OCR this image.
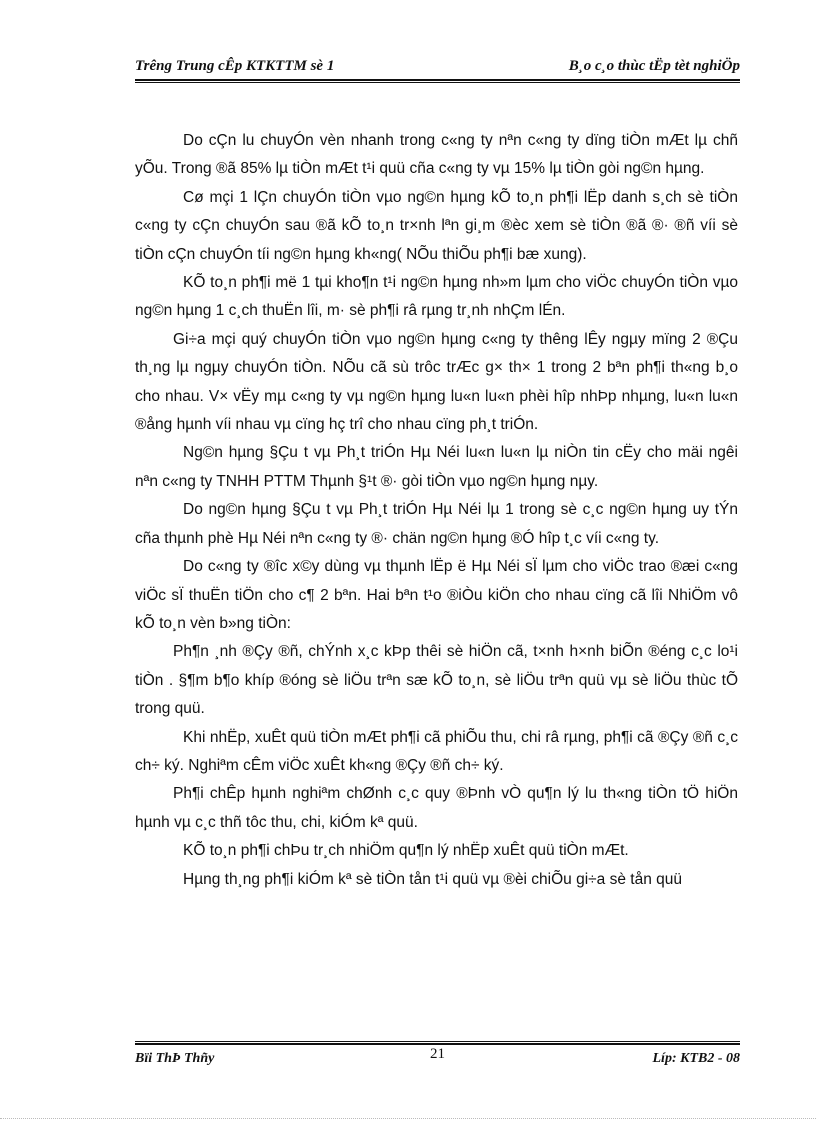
Trêng Trung cÊp KTKTTM sè 1	B¸o c¸o thùc tËp tèt nghiÖp

Do cÇn lu chuyÓn vèn nhanh trong c«ng ty nªn c«ng ty dïng tiÒn mÆt lµ chñ yÕu. Trong ®ã 85% lµ tiÒn mÆt t¹i quü cña c«ng ty vµ 15% lµ tiÒn gòi ng©n hµng.

Cø mçi 1 lÇn chuyÓn tiÒn vµo ng©n hµng kÕ to¸n ph¶i lËp danh s¸ch sè tiÒn c«ng ty cÇn chuyÓn sau ®ã kÕ to¸n tr×nh lªn gi¸m ®èc xem sè tiÒn ®ã ®· ®ñ víi sè tiÒn cÇn chuyÓn tíi ng©n hµng kh«ng( NÕu thiÕu ph¶i bæ xung).

KÕ to¸n ph¶i më 1 tµi kho¶n t¹i ng©n hµng nh»m lµm cho viÖc chuyÓn tiÒn vµo ng©n hµng 1 c¸ch thuËn lîi, m· sè ph¶i râ rµng tr¸nh nhÇm lÉn.

Gi÷a mçi quý chuyÓn tiÒn vµo ng©n hµng c«ng ty thêng lÊy ngµy mïng 2 ®Çu th¸ng lµ ngµy chuyÓn tiÒn. NÕu cã sù trôc trÆc g× th× 1 trong 2 bªn ph¶i th«ng b¸o cho nhau. V× vËy mµ c«ng ty vµ ng©n hµng lu«n lu«n phèi hîp nhÞp nhµng, lu«n lu«n ®ång hµnh víi nhau vµ cïng hç trî cho nhau cïng ph¸t triÓn.

Ng©n hµng §Çu t vµ Ph¸t triÓn Hµ Néi lu«n lu«n lµ niÒn tin cËy cho mäi ngêi nªn c«ng ty TNHH PTTM Thµnh §¹t ®· gòi tiÒn vµo ng©n hµng nµy.

Do ng©n hµng §Çu t vµ Ph¸t triÓn Hµ Néi lµ 1 trong sè c¸c ng©n hµng uy tÝn cña thµnh phè Hµ Néi nªn c«ng ty ®· chän ng©n hµng ®Ó hîp t¸c víi c«ng ty.

Do c«ng ty ®îc x©y dùng vµ thµnh lËp ë Hµ Néi sÏ lµm cho viÖc trao ®æi c«ng viÖc sÏ thuËn tiÖn cho c¶ 2 bªn. Hai bªn t¹o ®iÒu kiÖn cho nhau cïng cã lîi NhiÖm vô kÕ to¸n vèn b»ng tiÒn:

Ph¶n ¸nh ®Çy ®ñ, chÝnh x¸c kÞp thêi sè hiÖn cã, t×nh h×nh biÕn ®éng c¸c lo¹i tiÒn . §¶m b¶o khíp ®óng sè liÖu trªn sæ kÕ to¸n, sè liÖu trªn quü vµ sè liÖu thùc tÕ trong quü.

Khi nhËp, xuÊt quü tiÒn mÆt ph¶i cã phiÕu thu, chi râ rµng, ph¶i cã ®Çy ®ñ c¸c ch÷ ký. Nghiªm cÊm viÖc xuÊt kh«ng ®Çy ®ñ ch÷ ký.

Ph¶i chÊp hµnh nghiªm chØnh c¸c quy ®Þnh vÒ qu¶n lý lu th«ng tiÒn tÖ hiÖn hµnh vµ c¸c thñ tôc thu, chi, kiÓm kª quü.

KÕ to¸n ph¶i chÞu tr¸ch nhiÖm qu¶n lý nhËp xuÊt quü tiÒn mÆt.

Hµng th¸ng ph¶i kiÓm kª sè tiÒn tån t¹i quü vµ ®èi chiÕu gi÷a sè tån quü

Bïi ThÞ Thñy	21	Líp: KTB2 - 08
